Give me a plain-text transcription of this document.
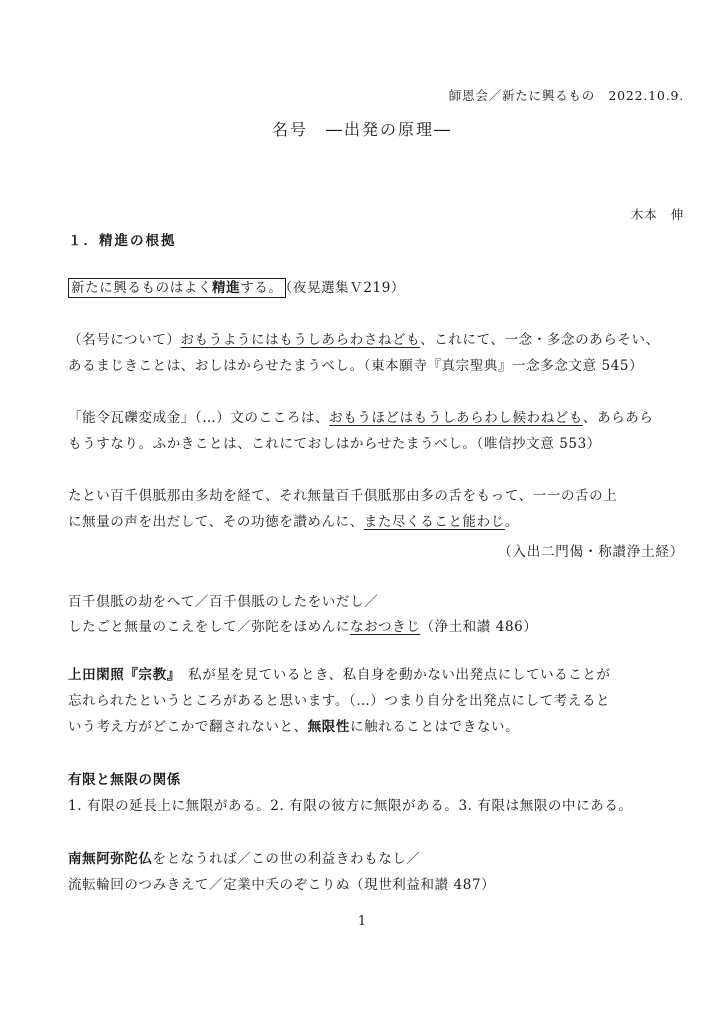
師恩会／新たに興るもの　2022.10.9.
名号　―出発の原理―
木本　伸
１．精進の根拠
新たに興るものはよく精進する。 （夜晃選集Ｖ219）
（名号について）おもうようにはもうしあらわさねども、これにて、一念・多念のあらそい、
あるまじきことは、おしはからせたまうべし。（東本願寺『真宗聖典』一念多念文意 545）
「能令瓦礫変成金」（…）文のこころは、おもうほどはもうしあらわし候わねども、あらあら
もうすなり。ふかきことは、これにておしはからせたまうべし。（唯信抄文意 553）
たとい百千倶胝那由多劫を経て、それ無量百千倶胝那由多の舌をもって、一一の舌の上
に無量の声を出だして、その功徳を讃めんに、また尽くること能わじ。
（入出二門偈・称讃浄土経）
百千倶胝の劫をへて／百千倶胝のしたをいだし／
したごと無量のこえをして／弥陀をほめんになおつきじ（浄土和讃 486）
上田閑照『宗教』　私が星を見ているとき、私自身を動かない出発点にしていることが
忘れられたというところがあると思います。（…）つまり自分を出発点にして考えると
いう考え方がどこかで翻されないと、無限性に触れることはできない。
有限と無限の関係
1. 有限の延長上に無限がある。2. 有限の彼方に無限がある。3. 有限は無限の中にある。
南無阿弥陀仏をとなうれば／この世の利益きわもなし／
流転輪回のつみきえて／定業中夭のぞこりぬ（現世利益和讃 487）
1
